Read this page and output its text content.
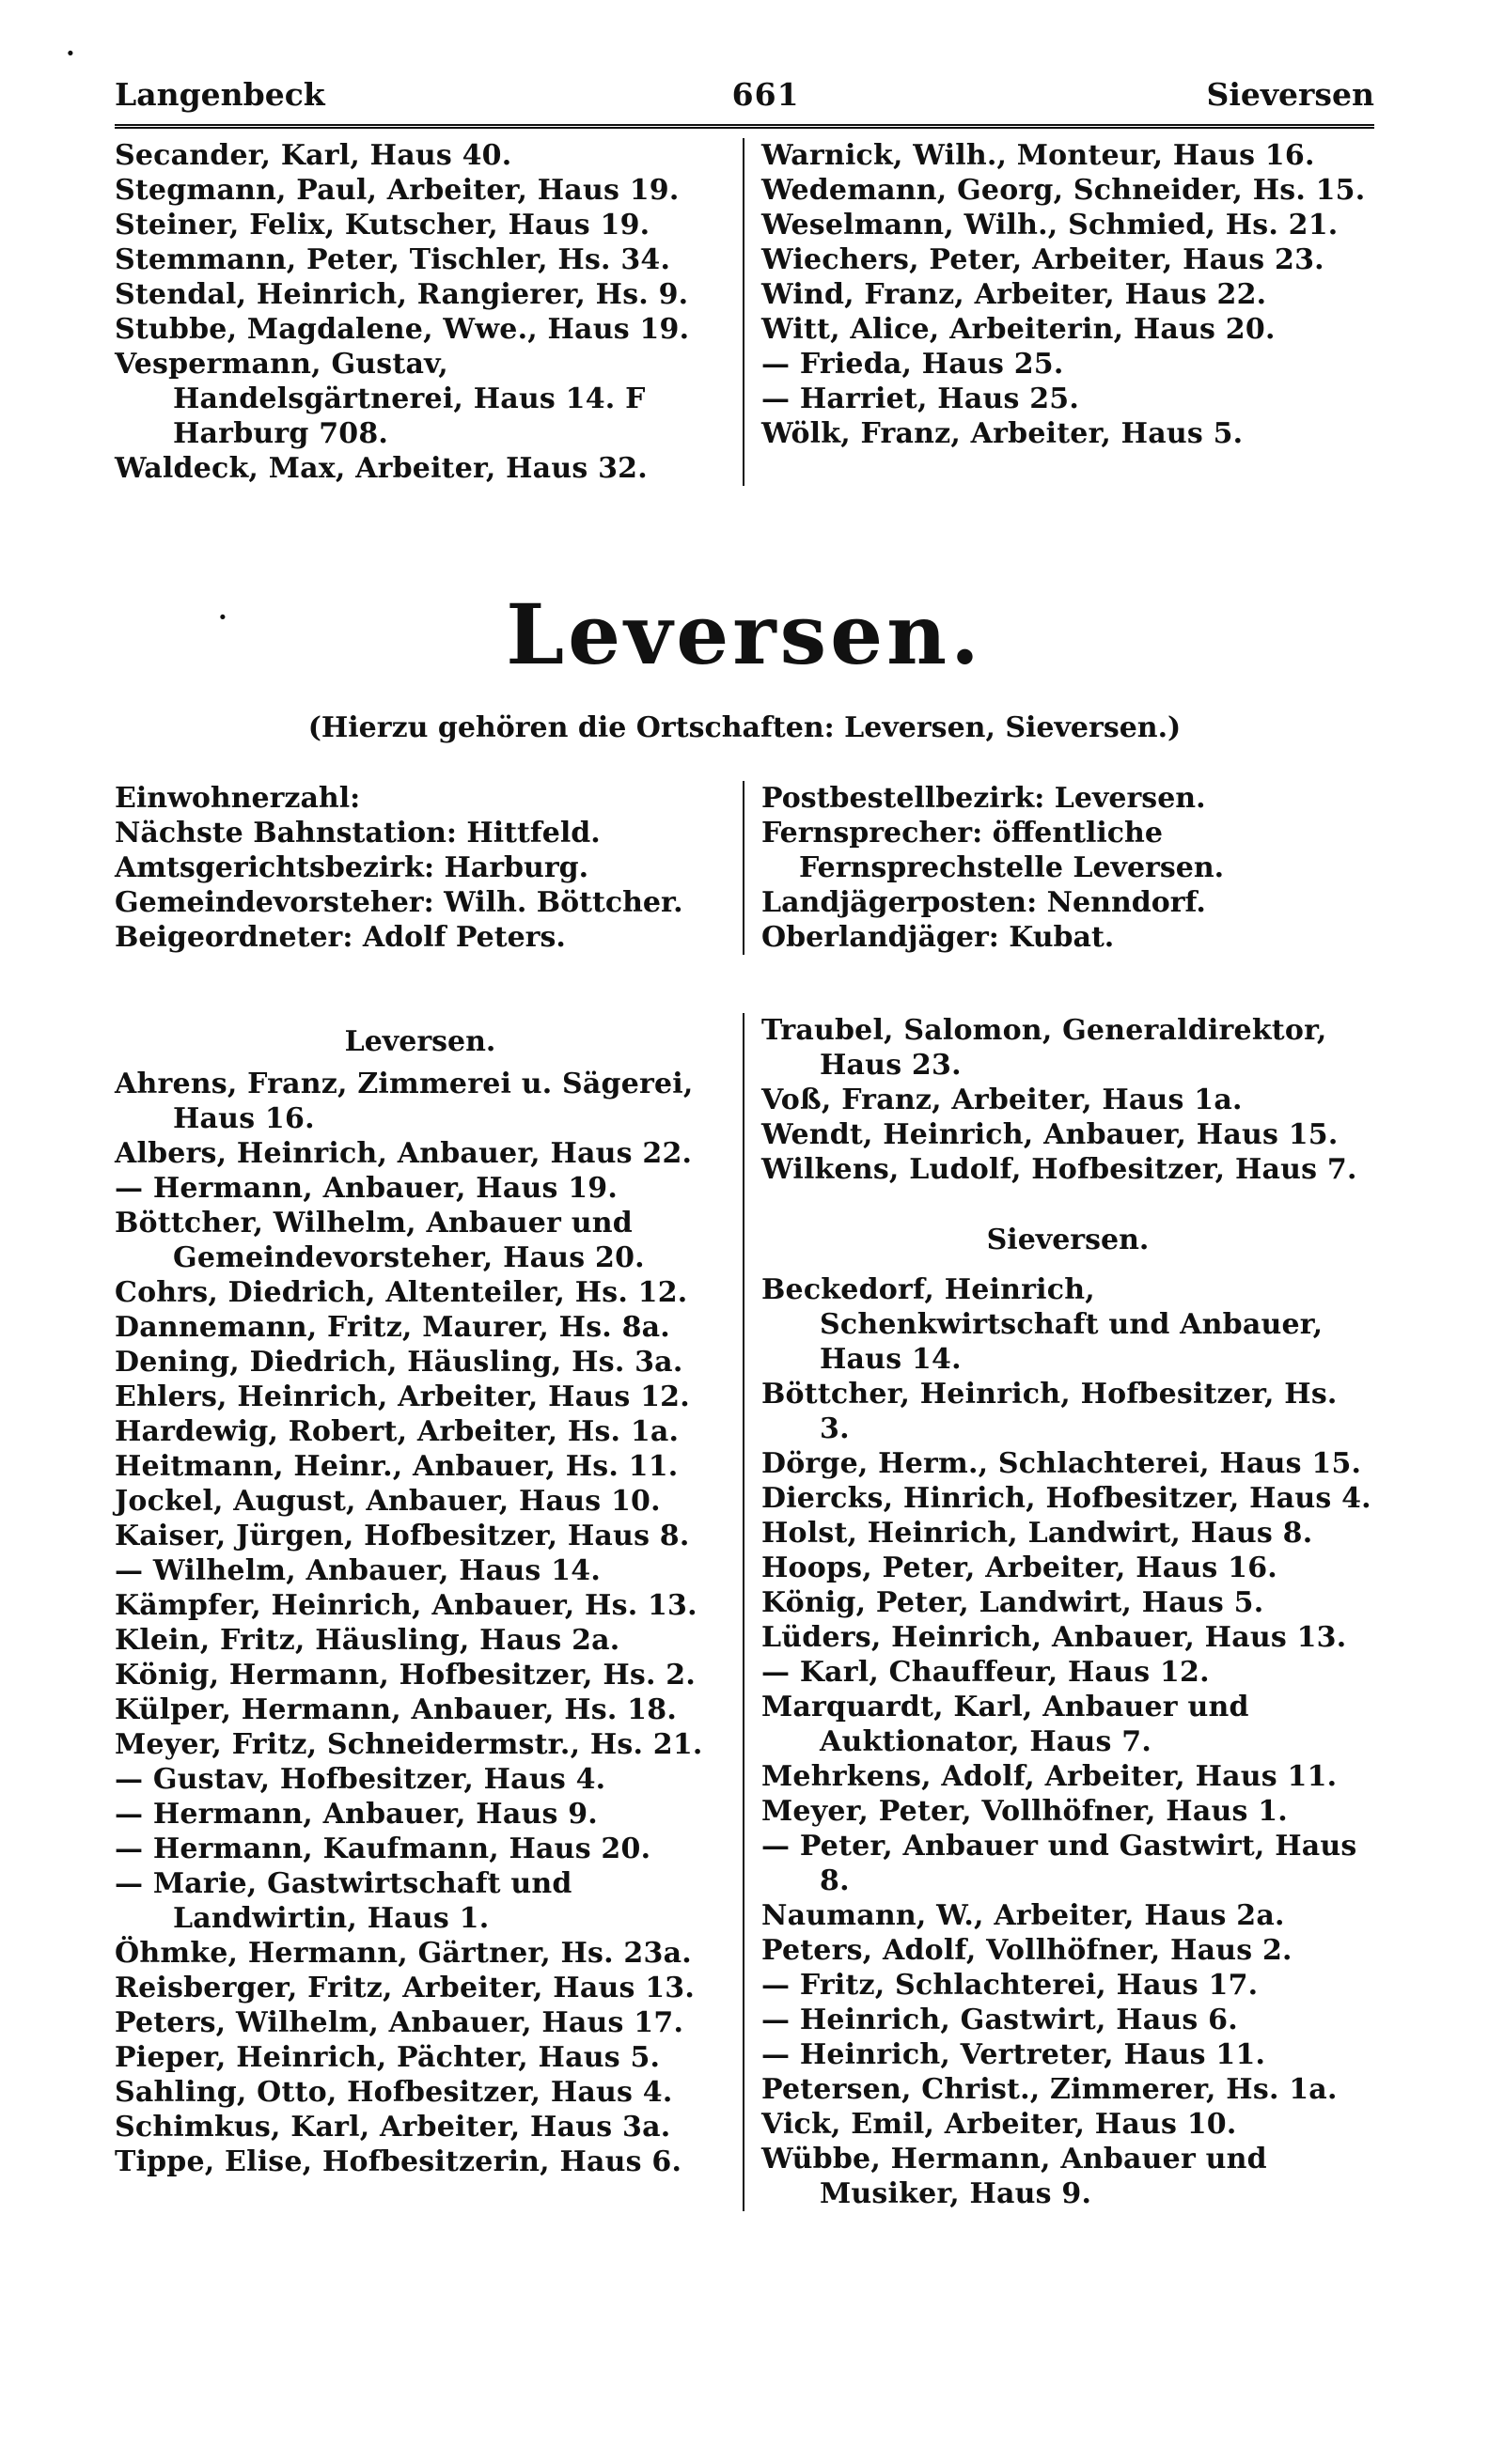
·
·
Langenbeck	661	Sieversen

Secander, Karl, Haus 40.

Stegmann, Paul, Arbeiter, Haus 19.

Steiner, Felix, Kutscher, Haus 19.

Stemmann, Peter, Tischler, Hs. 34.

Stendal, Heinrich, Rangierer, Hs. 9.

Stubbe, Magdalene, Wwe., Haus 19.

Vespermann, Gustav, Handelsgärtnerei, Haus 14. F Harburg 708.

Waldeck, Max, Arbeiter, Haus 32.

Warnick, Wilh., Monteur, Haus 16.

Wedemann, Georg, Schneider, Hs. 15.

Weselmann, Wilh., Schmied, Hs. 21.

Wiechers, Peter, Arbeiter, Haus 23.

Wind, Franz, Arbeiter, Haus 22.

Witt, Alice, Arbeiterin, Haus 20.

— Frieda, Haus 25.

— Harriet, Haus 25.

Wölk, Franz, Arbeiter, Haus 5.

Leversen.
(Hierzu gehören die Ortschaften: Leversen, Sieversen.)

Einwohnerzahl:

Nächste Bahnstation: Hittfeld.

Amtsgerichtsbezirk: Harburg.

Gemeindevorsteher: Wilh. Böttcher.

Beigeordneter: Adolf Peters.

Postbestellbezirk: Leversen.

Fernsprecher: öffentliche Fernsprechstelle Leversen.

Landjägerposten: Nenndorf.

Oberlandjäger: Kubat.

Leversen.

Ahrens, Franz, Zimmerei u. Sägerei, Haus 16.

Albers, Heinrich, Anbauer, Haus 22.

— Hermann, Anbauer, Haus 19.

Böttcher, Wilhelm, Anbauer und Gemeindevorsteher, Haus 20.

Cohrs, Diedrich, Altenteiler, Hs. 12.

Dannemann, Fritz, Maurer, Hs. 8a.

Dening, Diedrich, Häusling, Hs. 3a.

Ehlers, Heinrich, Arbeiter, Haus 12.

Hardewig, Robert, Arbeiter, Hs. 1a.

Heitmann, Heinr., Anbauer, Hs. 11.

Jockel, August, Anbauer, Haus 10.

Kaiser, Jürgen, Hofbesitzer, Haus 8.

— Wilhelm, Anbauer, Haus 14.

Kämpfer, Heinrich, Anbauer, Hs. 13.

Klein, Fritz, Häusling, Haus 2a.

König, Hermann, Hofbesitzer, Hs. 2.

Külper, Hermann, Anbauer, Hs. 18.

Meyer, Fritz, Schneidermstr., Hs. 21.

— Gustav, Hofbesitzer, Haus 4.

— Hermann, Anbauer, Haus 9.

— Hermann, Kaufmann, Haus 20.

— Marie, Gastwirtschaft und Landwirtin, Haus 1.

Öhmke, Hermann, Gärtner, Hs. 23a.

Reisberger, Fritz, Arbeiter, Haus 13.

Peters, Wilhelm, Anbauer, Haus 17.

Pieper, Heinrich, Pächter, Haus 5.

Sahling, Otto, Hofbesitzer, Haus 4.

Schimkus, Karl, Arbeiter, Haus 3a.

Tippe, Elise, Hofbesitzerin, Haus 6.

Traubel, Salomon, Generaldirektor, Haus 23.

Voß, Franz, Arbeiter, Haus 1a.

Wendt, Heinrich, Anbauer, Haus 15.

Wilkens, Ludolf, Hofbesitzer, Haus 7.

Sieversen.

Beckedorf, Heinrich, Schenkwirtschaft und Anbauer, Haus 14.

Böttcher, Heinrich, Hofbesitzer, Hs. 3.

Dörge, Herm., Schlachterei, Haus 15.

Diercks, Hinrich, Hofbesitzer, Haus 4.

Holst, Heinrich, Landwirt, Haus 8.

Hoops, Peter, Arbeiter, Haus 16.

König, Peter, Landwirt, Haus 5.

Lüders, Heinrich, Anbauer, Haus 13.

— Karl, Chauffeur, Haus 12.

Marquardt, Karl, Anbauer und Auktionator, Haus 7.

Mehrkens, Adolf, Arbeiter, Haus 11.

Meyer, Peter, Vollhöfner, Haus 1.

— Peter, Anbauer und Gastwirt, Haus 8.

Naumann, W., Arbeiter, Haus 2a.

Peters, Adolf, Vollhöfner, Haus 2.

— Fritz, Schlachterei, Haus 17.

— Heinrich, Gastwirt, Haus 6.

— Heinrich, Vertreter, Haus 11.

Petersen, Christ., Zimmerer, Hs. 1a.

Vick, Emil, Arbeiter, Haus 10.

Wübbe, Hermann, Anbauer und Musiker, Haus 9.
